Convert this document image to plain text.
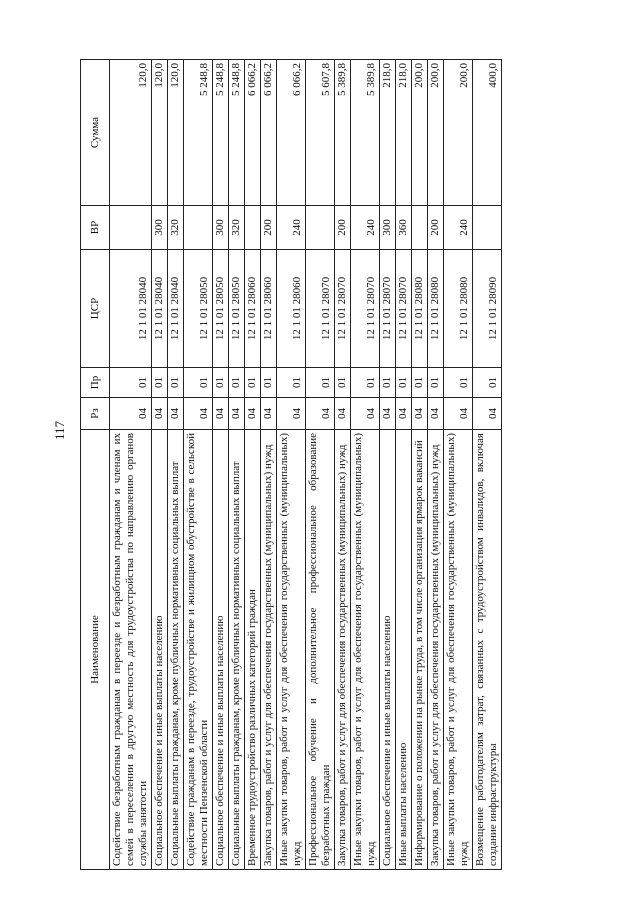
117
Наименование	Рз	Пр	ЦСР	ВР	Сумма
Содействие безработным гражданам в переезде и безработным гражданам и членам их семей в переселении в другую местность для трудоустройства по направлению органов службы занятости	04	01	12 1 01 28040		120,0
Социальное обеспечение и иные выплаты населению	04	01	12 1 01 28040	300	120,0
Социальные выплаты гражданам, кроме публичных нормативных социальных выплат	04	01	12 1 01 28040	320	120,0
Содействие гражданам в переезде, трудоустройстве и жилищном обустройстве в сельской местности Пензенской области	04	01	12 1 01 28050		5 248,8
Социальное обеспечение и иные выплаты населению	04	01	12 1 01 28050	300	5 248,8
Социальные выплаты гражданам, кроме публичных нормативных социальных выплат	04	01	12 1 01 28050	320	5 248,8
Временное трудоустройство различных категорий граждан	04	01	12 1 01 28060		6 066,2
Закупка товаров, работ и услуг для обеспечения государственных (муниципальных) нужд	04	01	12 1 01 28060	200	6 066,2
Иные закупки товаров, работ и услуг для обеспечения государственных (муниципальных) нужд	04	01	12 1 01 28060	240	6 066,2
Профессиональное обучение и дополнительное профессиональное образование безработных граждан	04	01	12 1 01 28070		5 607,8
Закупка товаров, работ и услуг для обеспечения государственных (муниципальных) нужд	04	01	12 1 01 28070	200	5 389,8
Иные закупки товаров, работ и услуг для обеспечения государственных (муниципальных) нужд	04	01	12 1 01 28070	240	5 389,8
Социальное обеспечение и иные выплаты населению	04	01	12 1 01 28070	300	218,0
Иные выплаты населению	04	01	12 1 01 28070	360	218,0
Информирование о положении на рынке труда, в том числе организация ярмарок вакансий	04	01	12 1 01 28080		200,0
Закупка товаров, работ и услуг для обеспечения государственных (муниципальных) нужд	04	01	12 1 01 28080	200	200,0
Иные закупки товаров, работ и услуг для обеспечения государственных (муниципальных) нужд	04	01	12 1 01 28080	240	200,0
Возмещение работодателям затрат, связанных с трудоустройством инвалидов, включая создание инфраструктуры	04	01	12 1 01 28090		400,0
